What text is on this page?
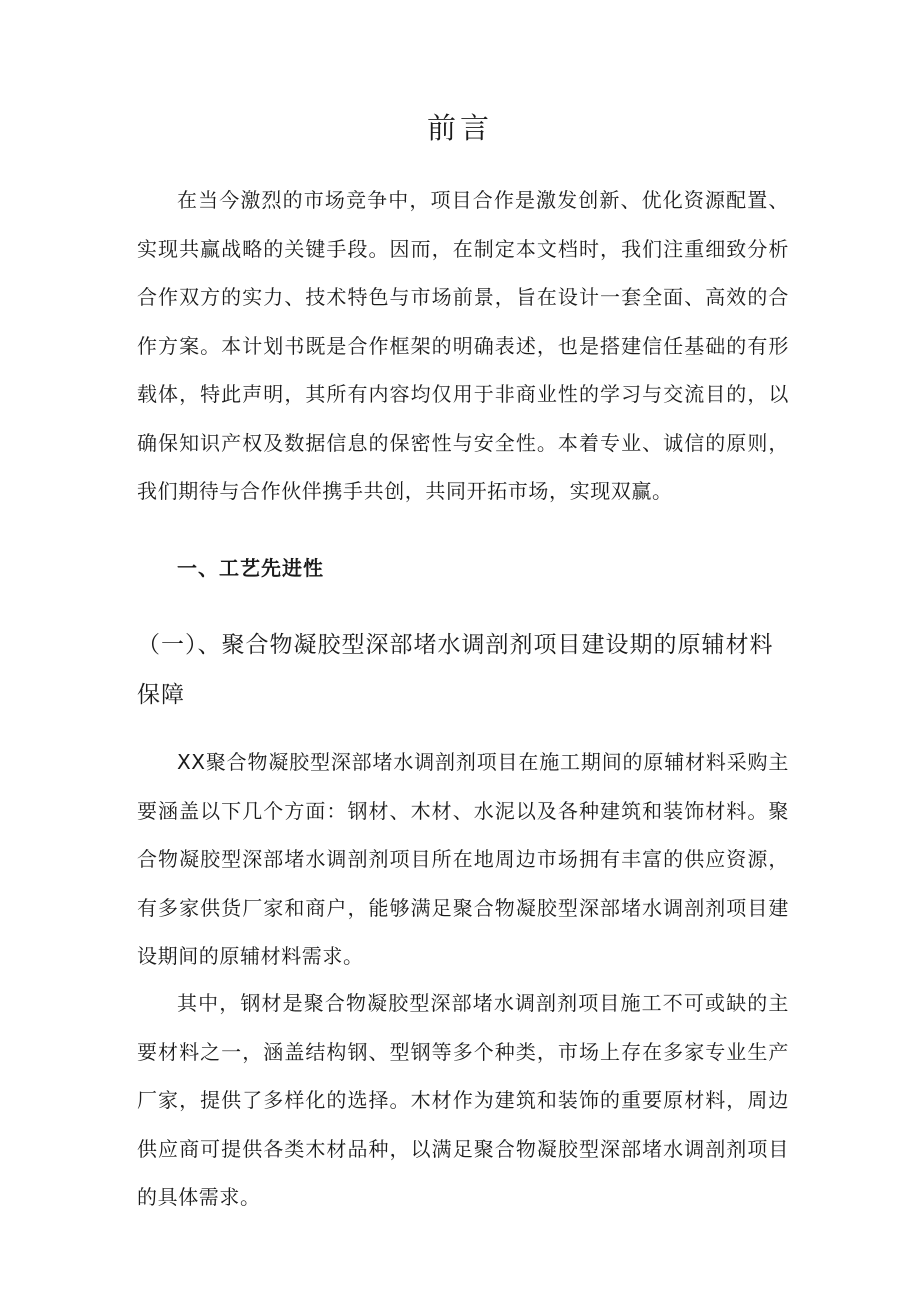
前言

在当今激烈的市场竞争中，项目合作是激发创新、优化资源配置、实现共赢战略的关键手段。因而，在制定本文档时，我们注重细致分析合作双方的实力、技术特色与市场前景，旨在设计一套全面、高效的合作方案。本计划书既是合作框架的明确表述，也是搭建信任基础的有形载体，特此声明，其所有内容均仅用于非商业性的学习与交流目的，以确保知识产权及数据信息的保密性与安全性。本着专业、诚信的原则，我们期待与合作伙伴携手共创，共同开拓市场，实现双赢。

一、工艺先进性
（一）、聚合物凝胶型深部堵水调剖剂项目建设期的原辅材料保障

XX聚合物凝胶型深部堵水调剖剂项目在施工期间的原辅材料采购主要涵盖以下几个方面：钢材、木材、水泥以及各种建筑和装饰材料。聚合物凝胶型深部堵水调剖剂项目所在地周边市场拥有丰富的供应资源，有多家供货厂家和商户，能够满足聚合物凝胶型深部堵水调剖剂项目建设期间的原辅材料需求。

其中，钢材是聚合物凝胶型深部堵水调剖剂项目施工不可或缺的主要材料之一，涵盖结构钢、型钢等多个种类，市场上存在多家专业生产厂家，提供了多样化的选择。木材作为建筑和装饰的重要原材料，周边供应商可提供各类木材品种，以满足聚合物凝胶型深部堵水调剖剂项目的具体需求。
